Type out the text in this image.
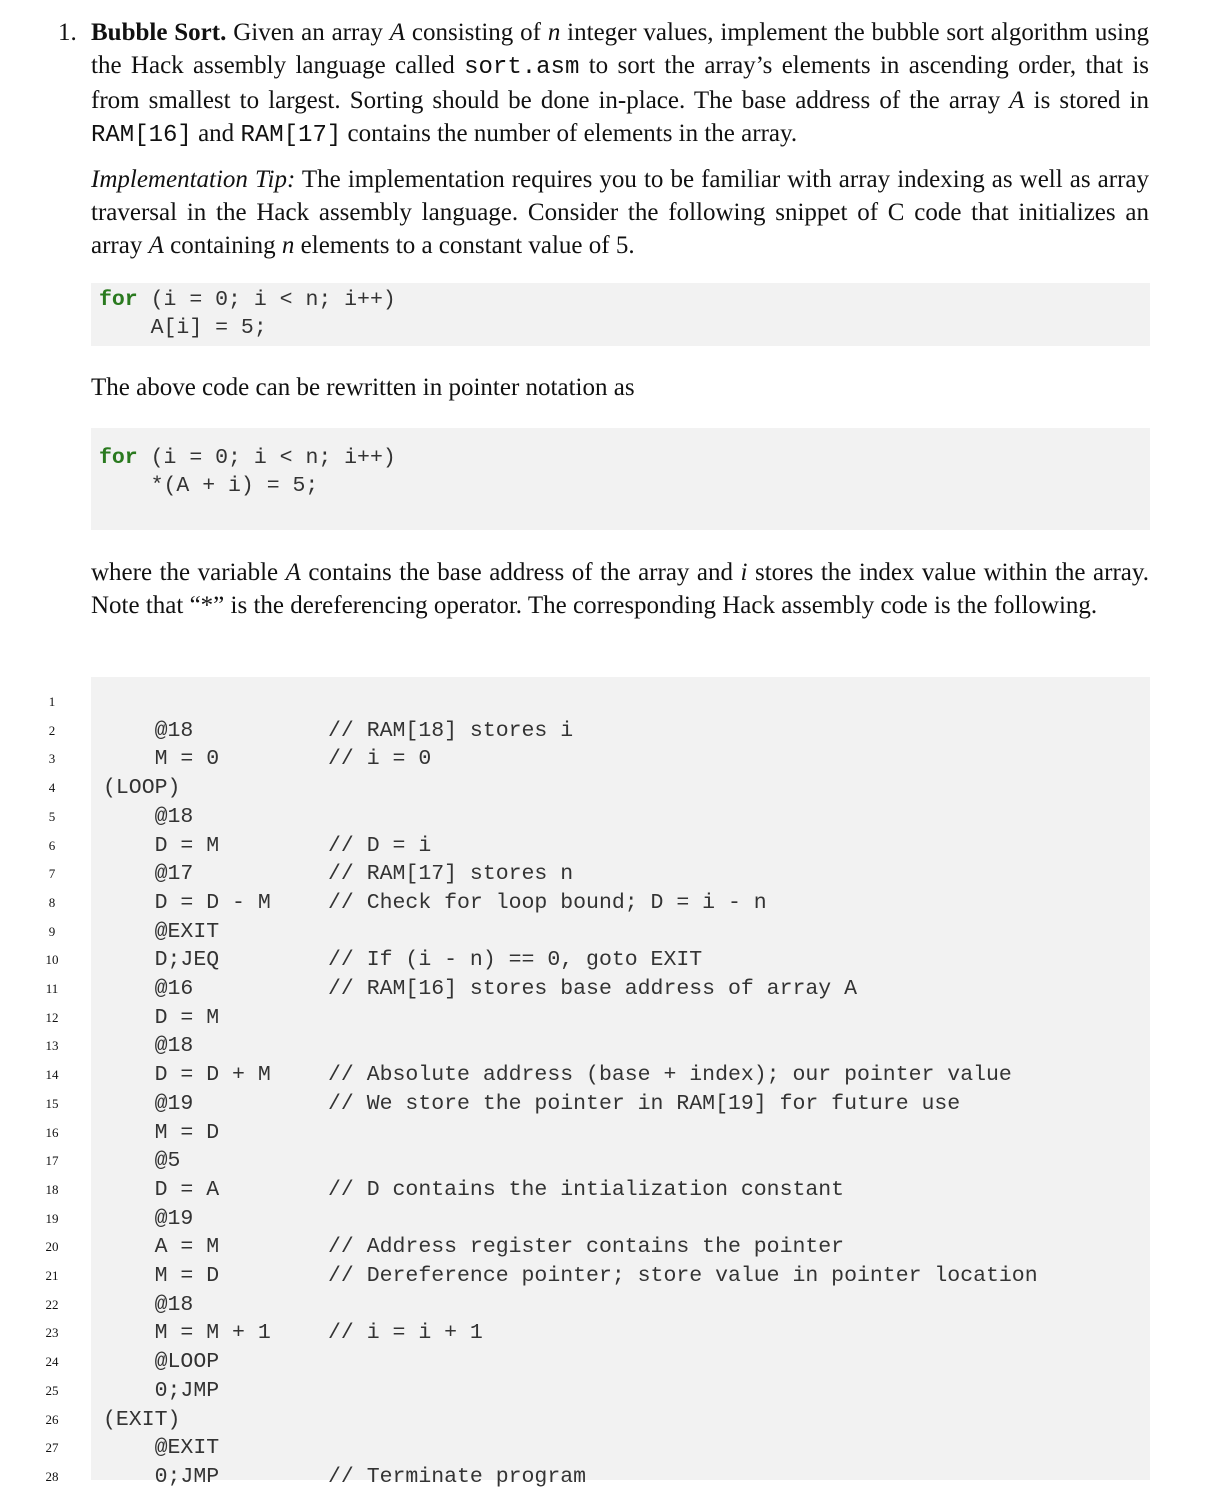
1. Bubble Sort. Given an array A consisting of n integer values, implement the bubble sort algorithm using the Hack assembly language called sort.asm to sort the array’s elements in ascending order, that is from smallest to largest. Sorting should be done in-place. The base address of the array A is stored in RAM[16] and RAM[17] contains the number of elements in the array.
Implementation Tip: The implementation requires you to be familiar with array indexing as well as array traversal in the Hack assembly language. Consider the following snippet of C code that initializes an array A containing n elements to a constant value of 5.
for (i = 0; i < n; i++)
A[i] = 5;
The above code can be rewritten in pointer notation as
for (i = 0; i < n; i++)
*(A + i) = 5;
where the variable A contains the base address of the array and i stores the index value within the array. Note that “*” is the dereferencing operator. The corresponding Hack assembly code is the following.
1
2	@18	// RAM[18] stores i
3	M = 0	// i = 0
4	(LOOP)
5	@18
6	D = M	// D = i
7	@17	// RAM[17] stores n
8	D = D - M	// Check for loop bound; D = i - n
9	@EXIT
10 D;JEQ	// If (i - n) == 0, goto EXIT
11 @16	// RAM[16] stores base address of array A
12 D = M
13 @18
14 D = D + M	// Absolute address (base + index); our pointer value
15 @19	// We store the pointer in RAM[19] for future use
16 M = D
17 @5
18 D = A	// D contains the intialization constant
19 @19
20 A = M	// Address register contains the pointer
21 M = D	// Dereference pointer; store value in pointer location
22 @18
23 M = M + 1	// i = i + 1
24 @LOOP
25 0;JMP
26 (EXIT)
27 @EXIT
28 0;JMP	// Terminate program
